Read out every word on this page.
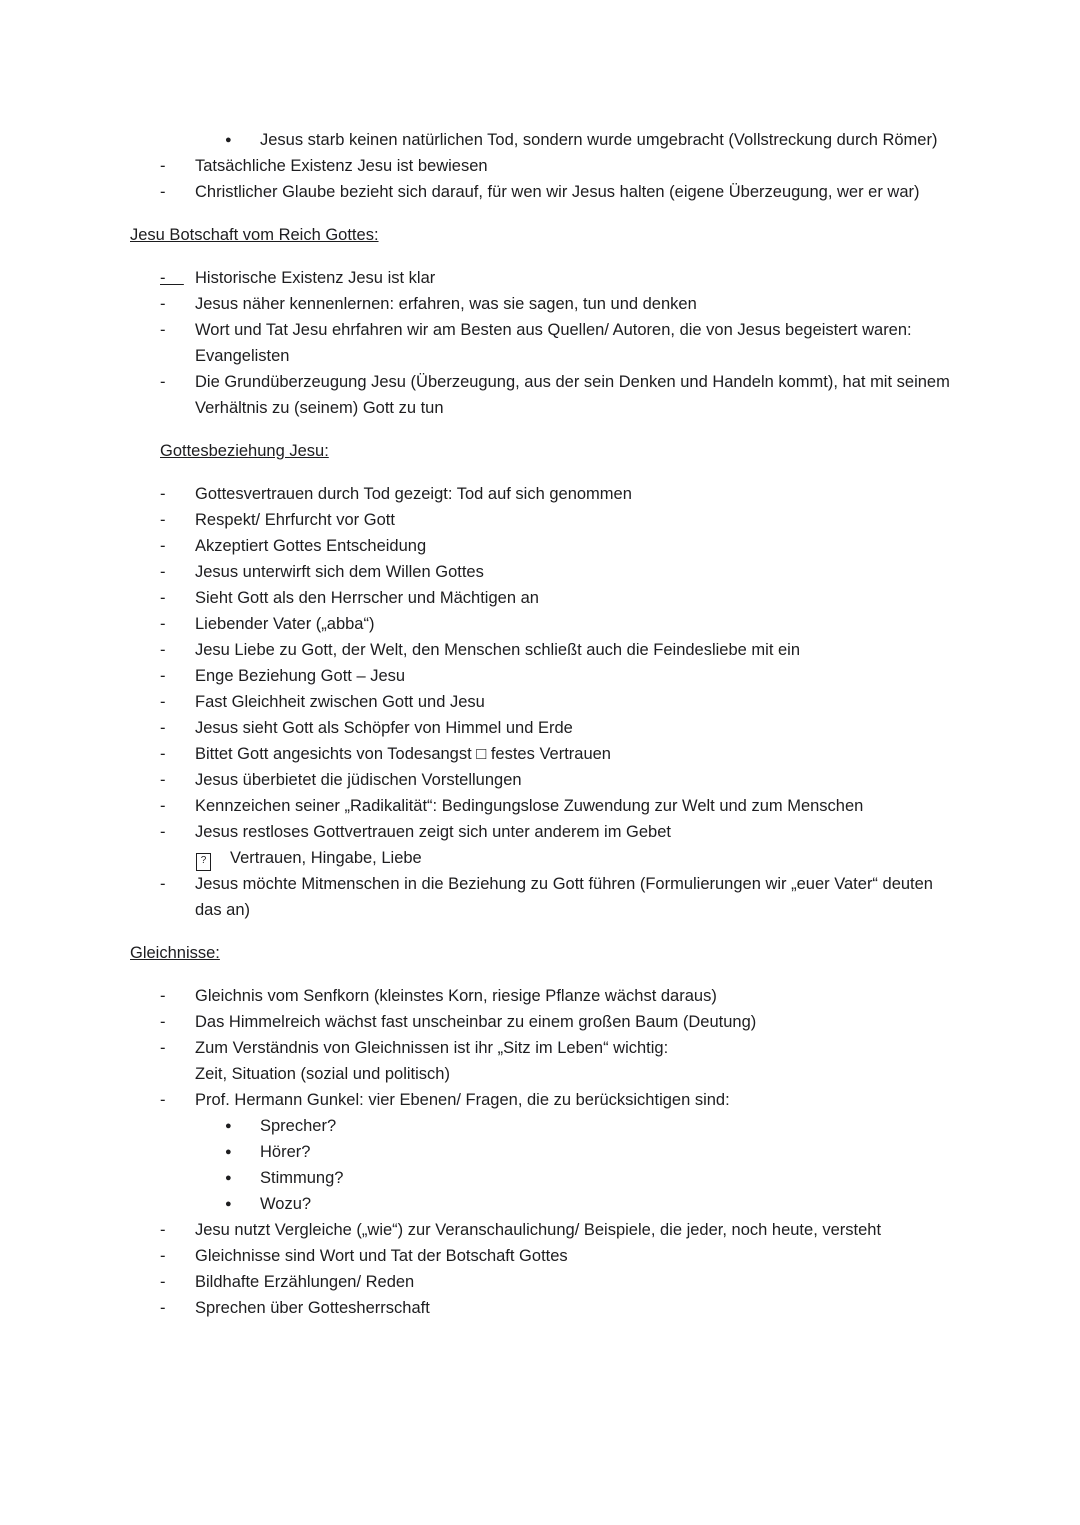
●	Jesus starb keinen natürlichen Tod, sondern wurde umgebracht (Vollstreckung durch Römer)
-	Tatsächliche Existenz Jesu ist bewiesen
-	Christlicher Glaube bezieht sich darauf, für wen wir Jesus halten (eigene Überzeugung, wer er war)
Jesu Botschaft vom Reich Gottes:
- Historische Existenz Jesu ist klar
-	Jesus näher kennenlernen: erfahren, was sie sagen, tun und denken
-	Wort und Tat Jesu ehrfahren wir am Besten aus Quellen/ Autoren, die von Jesus begeistert waren: Evangelisten
-	Die Grundüberzeugung Jesu (Überzeugung, aus der sein Denken und Handeln kommt), hat mit seinem Verhältnis zu (seinem) Gott zu tun
Gottesbeziehung Jesu:
-	Gottesvertrauen durch Tod gezeigt: Tod auf sich genommen
-	Respekt/ Ehrfurcht vor Gott
-	Akzeptiert Gottes Entscheidung
-	Jesus unterwirft sich dem Willen Gottes
-	Sieht Gott als den Herrscher und Mächtigen an
-	Liebender Vater („abba“)
-	Jesu Liebe zu Gott, der Welt, den Menschen schließt auch die Feindesliebe mit ein
-	Enge Beziehung Gott – Jesu
-	Fast Gleichheit zwischen Gott und Jesu
-	Jesus sieht Gott als Schöpfer von Himmel und Erde
-	Bittet Gott angesichts von Todesangst □ festes Vertrauen
-	Jesus überbietet die jüdischen Vorstellungen
-	Kennzeichen seiner „Radikalität“: Bedingungslose Zuwendung zur Welt und zum Menschen
-	Jesus restloses Gottvertrauen zeigt sich unter anderem im Gebet
?	Vertrauen, Hingabe, Liebe
-	Jesus möchte Mitmenschen in die Beziehung zu Gott führen (Formulierungen wir „euer Vater“ deuten das an)
Gleichnisse:
-	Gleichnis vom Senfkorn (kleinstes Korn, riesige Pflanze wächst daraus)
-	Das Himmelreich wächst fast unscheinbar zu einem großen Baum (Deutung)
-	Zum Verständnis von Gleichnissen ist ihr „Sitz im Leben“ wichtig:
Zeit, Situation (sozial und politisch)
-	Prof. Hermann Gunkel: vier Ebenen/ Fragen, die zu berücksichtigen sind:
●	Sprecher?
●	Hörer?
●	Stimmung?
●	Wozu?
-	Jesu nutzt Vergleiche („wie“) zur Veranschaulichung/ Beispiele, die jeder, noch heute, versteht
-	Gleichnisse sind Wort und Tat der Botschaft Gottes
-	Bildhafte Erzählungen/ Reden
-	Sprechen über Gottesherrschaft
